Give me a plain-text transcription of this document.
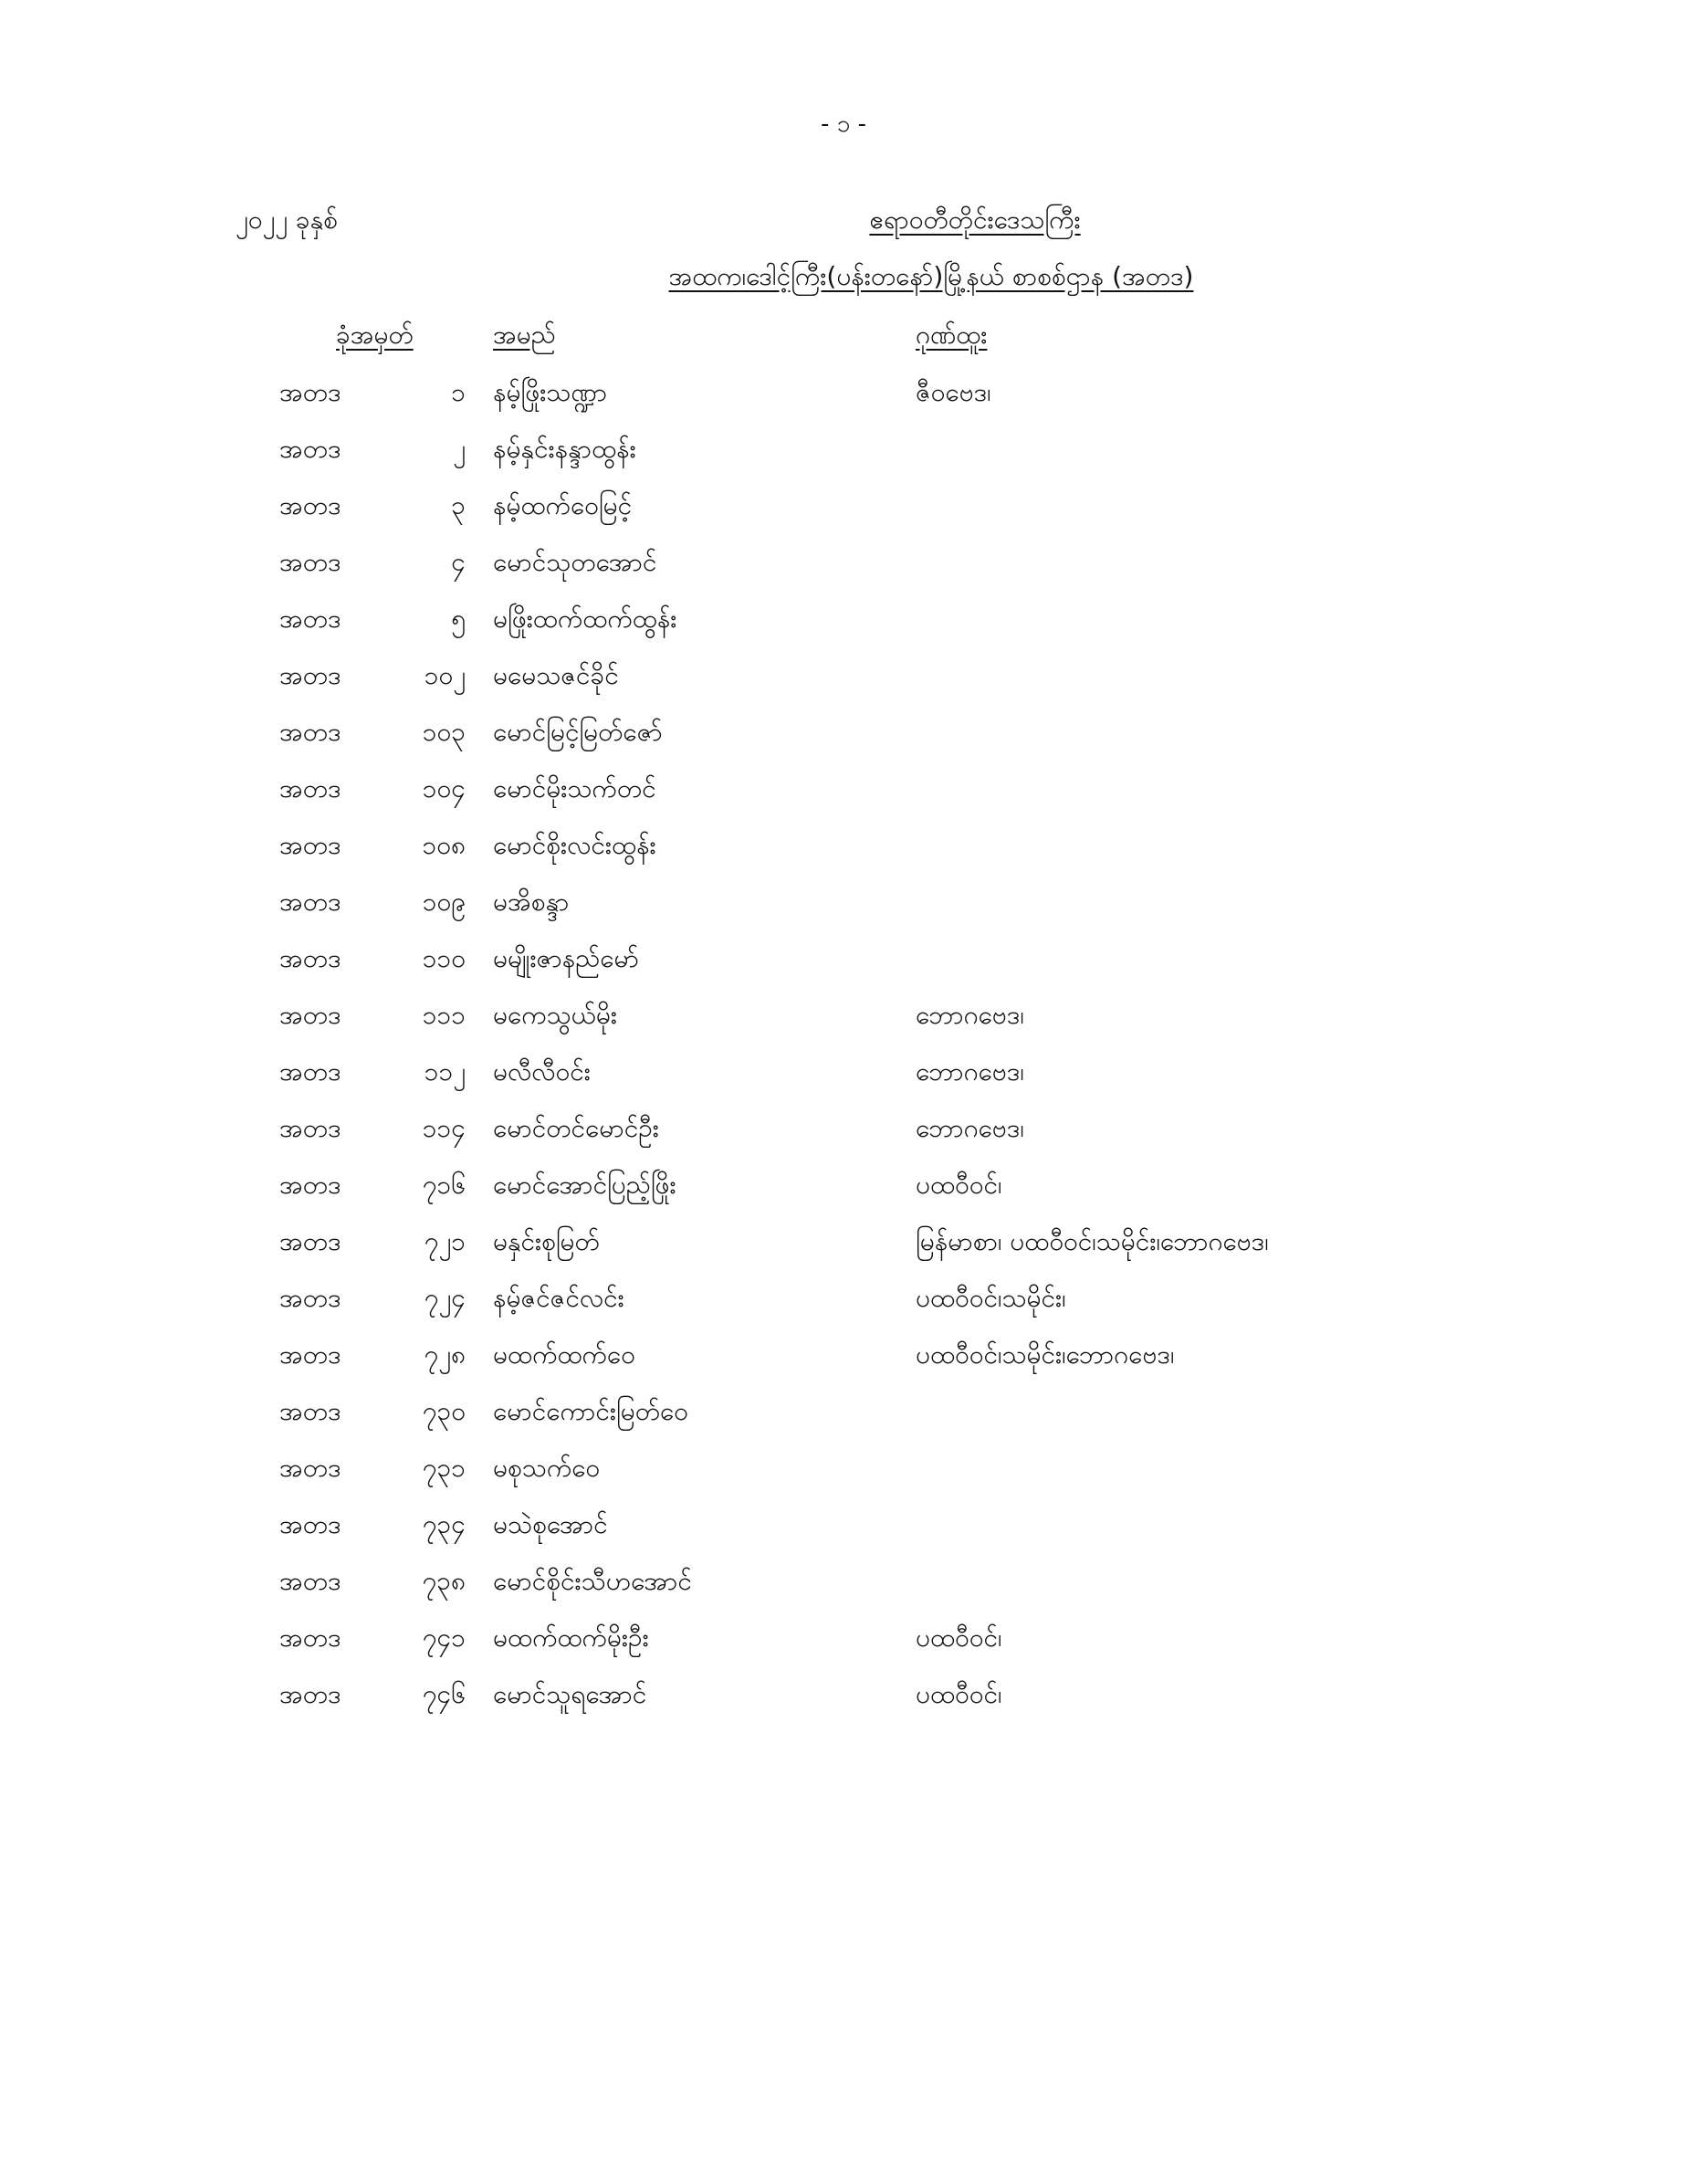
- ၁ -
၂၀၂၂ ခုနှစ်	ဧရာဝတီတိုင်းဒေသကြီး
အထက၊ဒေါင့်ကြီး(ပန်းတနော်)မြို့နယ် စာစစ်ဌာန (အတဒ)
ခုံအမှတ်	အမည်	ဂုဏ်ထူး
အတဒ	၁ နမ့်ဖြိုးသဏ္ဍာ	ဇီဝဗေဒ၊
အတဒ	၂ နမ့်နှင်းနန္ဒာထွန်း
အတဒ	၃ နမ့်ထက်ဝေမြင့်
အတဒ	၄ မောင်သုတအောင်
အတဒ	၅ မဖြိုးထက်ထက်ထွန်း
အတဒ	၁၀၂ မမေသဇင်ခိုင်
အတဒ	၁၀၃ မောင်မြင့်မြတ်ဇော်
အတဒ	၁၀၄ မောင်မိုးသက်တင်
အတဒ	၁၀၈ မောင်စိုးလင်းထွန်း
အတဒ	၁၀၉ မအိစန္ဒာ
အတဒ	၁၁၀ မမျိုးဇာနည်မော်
အတဒ	၁၁၁ မကေသွယ်မိုး	ဘောဂဗေဒ၊
အတဒ	၁၁၂ မလီလီဝင်း	ဘောဂဗေဒ၊
အတဒ	၁၁၄ မောင်တင်မောင်ဦး	ဘောဂဗေဒ၊
အတဒ	၇၁၆ မောင်အောင်ပြည့်ဖြိုး	ပထဝီဝင်၊
အတဒ	၇၂၁ မနှင်းစုမြတ်	မြန်မာစာ၊ ပထဝီဝင်၊သမိုင်း၊ဘောဂဗေဒ၊
အတဒ	၇၂၄ နမ့်ဇင်ဇင်လင်း	ပထဝီဝင်၊သမိုင်း၊
အတဒ	၇၂၈ မထက်ထက်ဝေ	ပထဝီဝင်၊သမိုင်း၊ဘောဂဗေဒ၊
အတဒ	၇၃၀ မောင်ကောင်းမြတ်ဝေ
အတဒ	၇၃၁ မစုသက်ဝေ
အတဒ	၇၃၄ မသဲစုအောင်
အတဒ	၇၃၈ မောင်စိုင်းသီဟအောင်
အတဒ	၇၄၁ မထက်ထက်မိုးဦး	ပထဝီဝင်၊
အတဒ	၇၄၆ မောင်သူရအောင်	ပထဝီဝင်၊
